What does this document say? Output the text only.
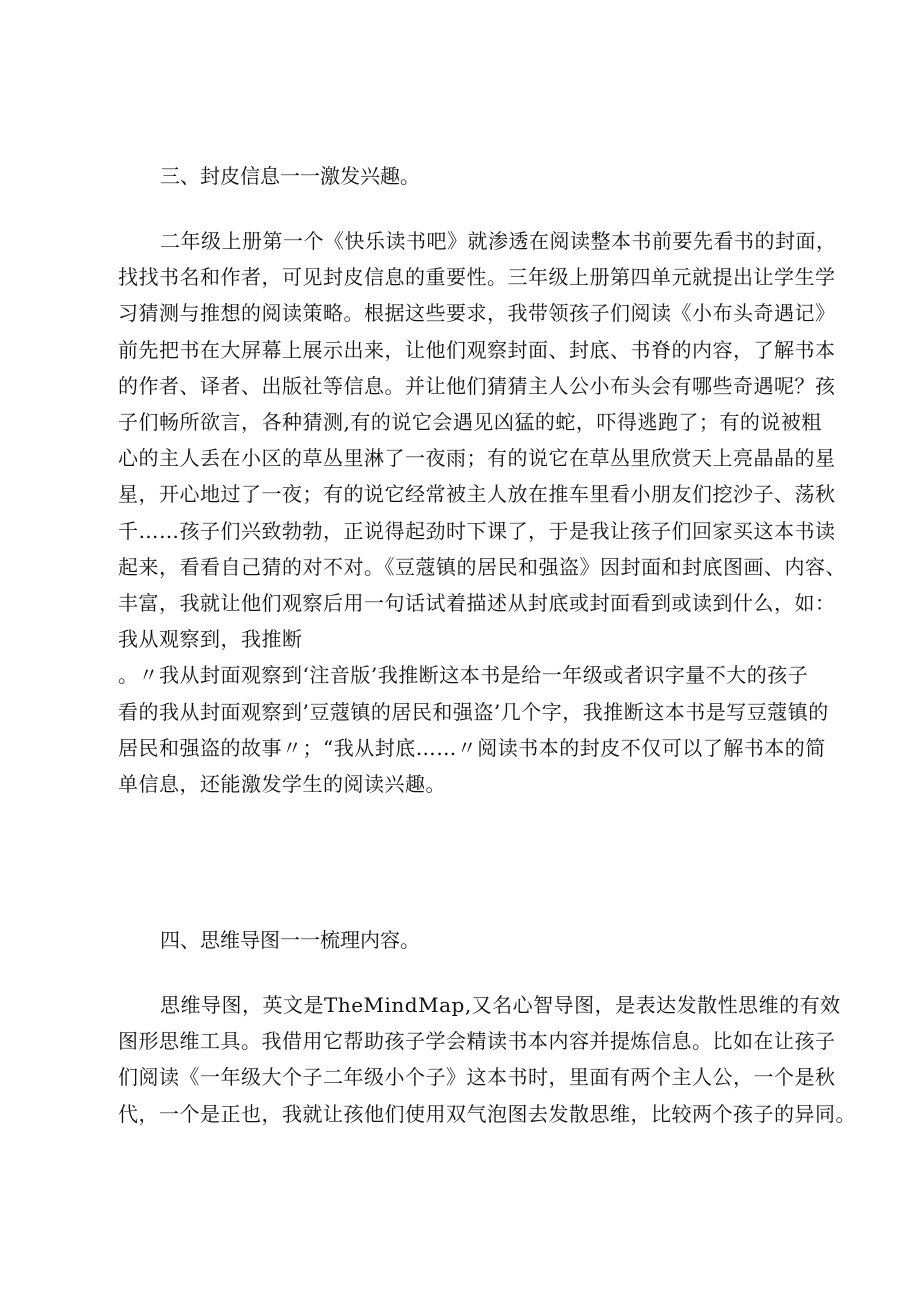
三、封皮信息一一激发兴趣。

二年级上册第一个《快乐读书吧》就渗透在阅读整本书前要先看书的封面，
找找书名和作者，可见封皮信息的重要性。三年级上册第四单元就提出让学生学
习猜测与推想的阅读策略。根据这些要求，我带领孩子们阅读《小布头奇遇记》
前先把书在大屏幕上展示出来，让他们观察封面、封底、书脊的内容，了解书本
的作者、译者、出版社等信息。并让他们猜猜主人公小布头会有哪些奇遇呢？孩
子们畅所欲言，各种猜测,有的说它会遇见凶猛的蛇，吓得逃跑了；有的说被粗
心的主人丢在小区的草丛里淋了一夜雨；有的说它在草丛里欣赏天上亮晶晶的星
星，开心地过了一夜；有的说它经常被主人放在推车里看小朋友们挖沙子、荡秋
千……孩子们兴致勃勃，正说得起劲时下课了，于是我让孩子们回家买这本书读
起来，看看自己猜的对不对。《豆蔻镇的居民和强盗》因封面和封底图画、内容、
丰富，我就让他们观察后用一句话试着描述从封底或封面看到或读到什么，如：
我从观察到，我推断
。〃我从封面观察到‘注音版’我推断这本书是给一年级或者识字量不大的孩子
看的我从封面观察到’豆蔻镇的居民和强盗’几个字，我推断这本书是写豆蔻镇的
居民和强盗的故事〃；“我从封底……〃阅读书本的封皮不仅可以了解书本的简
单信息，还能激发学生的阅读兴趣。

四、思维导图一一梳理内容。

思维导图，英文是TheMindMap,又名心智导图，是表达发散性思维的有效
图形思维工具。我借用它帮助孩子学会精读书本内容并提炼信息。比如在让孩子
们阅读《一年级大个子二年级小个子》这本书时，里面有两个主人公，一个是秋
代，一个是正也，我就让孩他们使用双气泡图去发散思维，比较两个孩子的异同。
